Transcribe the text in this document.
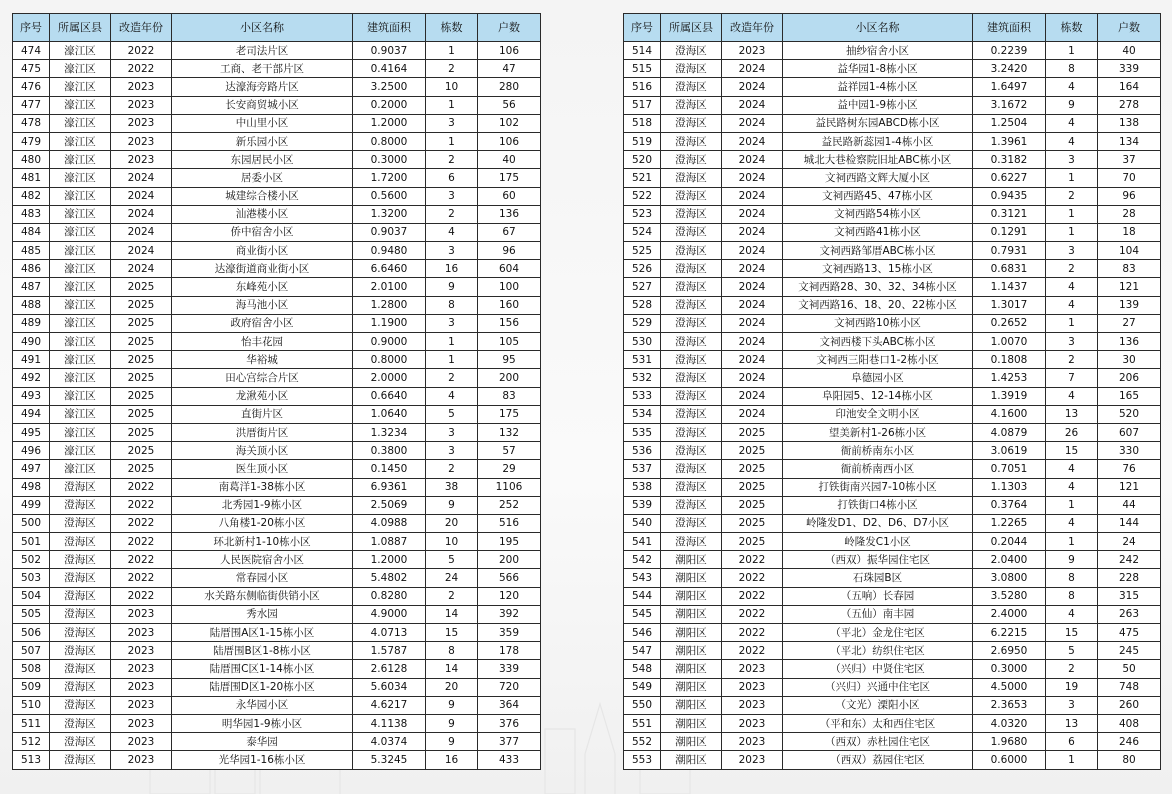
序号	所属区县	改造年份	小区名称	建筑面积	栋数	户数
474	濠江区	2022	老司法片区	0.9037	1	106
475	濠江区	2022	工商、老干部片区	0.4164	2	47
476	濠江区	2023	达濠海旁路片区	3.2500	10	280
477	濠江区	2023	长安商贸城小区	0.2000	1	56
478	濠江区	2023	中山里小区	1.2000	3	102
479	濠江区	2023	新乐园小区	0.8000	1	106
480	濠江区	2023	东园居民小区	0.3000	2	40
481	濠江区	2024	居委小区	1.7200	6	175
482	濠江区	2024	城建综合楼小区	0.5600	3	60
483	濠江区	2024	汕港楼小区	1.3200	2	136
484	濠江区	2024	侨中宿舍小区	0.9037	4	67
485	濠江区	2024	商业街小区	0.9480	3	96
486	濠江区	2024	达濠街道商业街小区	6.6460	16	604
487	濠江区	2025	东峰苑小区	2.0100	9	100
488	濠江区	2025	海马池小区	1.2800	8	160
489	濠江区	2025	政府宿舍小区	1.1900	3	156
490	濠江区	2025	怡丰花园	0.9000	1	105
491	濠江区	2025	华裕城	0.8000	1	95
492	濠江区	2025	田心宫综合片区	2.0000	2	200
493	濠江区	2025	龙湫苑小区	0.6640	4	83
494	濠江区	2025	直街片区	1.0640	5	175
495	濠江区	2025	洪厝街片区	1.3234	3	132
496	濠江区	2025	海关顶小区	0.3800	3	57
497	濠江区	2025	医生顶小区	0.1450	2	29
498	澄海区	2022	南葛洋1-38栋小区	6.9361	38	1106
499	澄海区	2022	北秀园1-9栋小区	2.5069	9	252
500	澄海区	2022	八角楼1-20栋小区	4.0988	20	516
501	澄海区	2022	环北新村1-10栋小区	1.0887	10	195
502	澄海区	2022	人民医院宿舍小区	1.2000	5	200
503	澄海区	2022	常春园小区	5.4802	24	566
504	澄海区	2022	水关路东侧临街供销小区	0.8280	2	120
505	澄海区	2023	秀水园	4.9000	14	392
506	澄海区	2023	陆厝围A区1-15栋小区	4.0713	15	359
507	澄海区	2023	陆厝围B区1-8栋小区	1.5787	8	178
508	澄海区	2023	陆厝围C区1-14栋小区	2.6128	14	339
509	澄海区	2023	陆厝围D区1-20栋小区	5.6034	20	720
510	澄海区	2023	永华园小区	4.6217	9	364
511	澄海区	2023	明华园1-9栋小区	4.1138	9	376
512	澄海区	2023	泰华园	4.0374	9	377
513	澄海区	2023	光华园1-16栋小区	5.3245	16	433
序号	所属区县	改造年份	小区名称	建筑面积	栋数	户数
514	澄海区	2023	抽纱宿舍小区	0.2239	1	40
515	澄海区	2024	益华园1-8栋小区	3.2420	8	339
516	澄海区	2024	益祥园1-4栋小区	1.6497	4	164
517	澄海区	2024	益中园1-9栋小区	3.1672	9	278
518	澄海区	2024	益民路树东园ABCD栋小区	1.2504	4	138
519	澄海区	2024	益民路新蕊园1-4栋小区	1.3961	4	134
520	澄海区	2024	城北大巷检察院旧址ABC栋小区	0.3182	3	37
521	澄海区	2024	文祠西路文辉大厦小区	0.6227	1	70
522	澄海区	2024	文祠西路45、47栋小区	0.9435	2	96
523	澄海区	2024	文祠西路54栋小区	0.3121	1	28
524	澄海区	2024	文祠西路41栋小区	0.1291	1	18
525	澄海区	2024	文祠西路邹厝ABC栋小区	0.7931	3	104
526	澄海区	2024	文祠西路13、15栋小区	0.6831	2	83
527	澄海区	2024	文祠西路28、30、32、34栋小区	1.1437	4	121
528	澄海区	2024	文祠西路16、18、20、22栋小区	1.3017	4	139
529	澄海区	2024	文祠西路10栋小区	0.2652	1	27
530	澄海区	2024	文祠西楼下头ABC栋小区	1.0070	3	136
531	澄海区	2024	文祠西三阳巷口1-2栋小区	0.1808	2	30
532	澄海区	2024	阜德园小区	1.4253	7	206
533	澄海区	2024	阜阳园5、12-14栋小区	1.3919	4	165
534	澄海区	2024	印池安全文明小区	4.1600	13	520
535	澄海区	2025	望美新村1-26栋小区	4.0879	26	607
536	澄海区	2025	衙前桥南东小区	3.0619	15	330
537	澄海区	2025	衙前桥南西小区	0.7051	4	76
538	澄海区	2025	打铁街南兴园7-10栋小区	1.1303	4	121
539	澄海区	2025	打铁街口4栋小区	0.3764	1	44
540	澄海区	2025	岭隆发D1、D2、D6、D7小区	1.2265	4	144
541	澄海区	2025	岭隆发C1小区	0.2044	1	24
542	潮阳区	2022	（西双）振华园住宅区	2.0400	9	242
543	潮阳区	2022	石珠园B区	3.0800	8	228
544	潮阳区	2022	（五响）长春园	3.5280	8	315
545	潮阳区	2022	（五仙）南丰园	2.4000	4	263
546	潮阳区	2022	（平北）金龙住宅区	6.2215	15	475
547	潮阳区	2022	（平北）纺织住宅区	2.6950	5	245
548	潮阳区	2023	（兴归）中贤住宅区	0.3000	2	50
549	潮阳区	2023	（兴归）兴通中住宅区	4.5000	19	748
550	潮阳区	2023	（文光）溧阳小区	2.3653	3	260
551	潮阳区	2023	（平和东）太和西住宅区	4.0320	13	408
552	潮阳区	2023	（西双）赤杜园住宅区	1.9680	6	246
553	潮阳区	2023	（西双）荔园住宅区	0.6000	1	80
